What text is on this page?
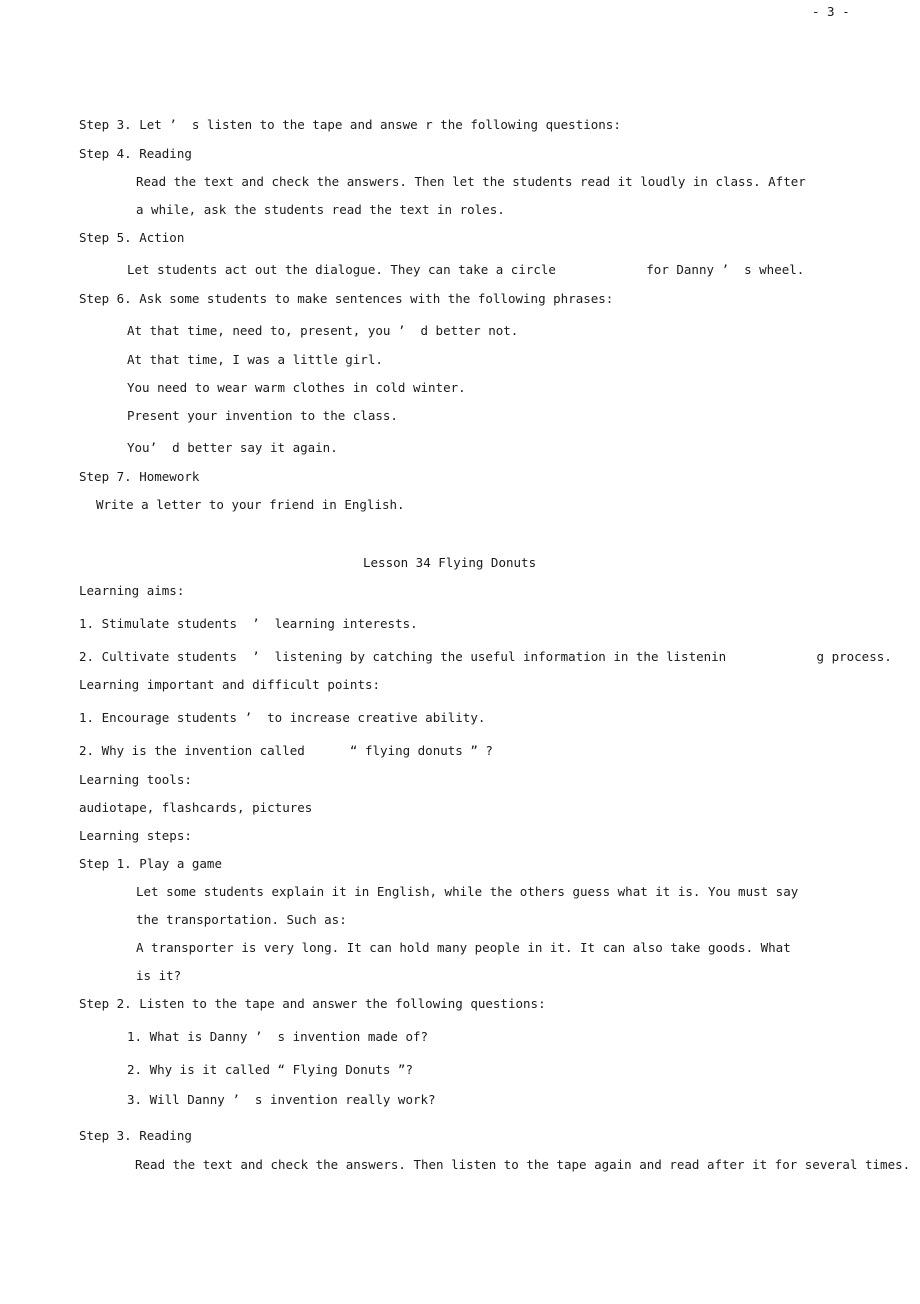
- 3 -
Step 3. Let ’  s listen to the tape and answe r the following questions:
Step 4. Reading
Read the text and check the answers. Then let the students read it loudly in class. After
a while, ask the students read the text in roles.
Step 5. Action
Let students act out the dialogue. They can take a circle            for Danny ’  s wheel.
Step 6. Ask some students to make sentences with the following phrases:
At that time, need to, present, you ’  d better not.
At that time, I was a little girl.
You need to wear warm clothes in cold winter.
Present your invention to the class.
You’  d better say it again.
Step 7. Homework
Write a letter to your friend in English.
Lesson 34 Flying Donuts
Learning aims:
1. Stimulate students  ’  learning interests.
2. Cultivate students  ’  listening by catching the useful information in the listenin            g process.
Learning important and difficult points:
1. Encourage students ’  to increase creative ability.
2. Why is the invention called      “ flying donuts ” ?
Learning tools:
audiotape, flashcards, pictures
Learning steps:
Step 1. Play a game
Let some students explain it in English, while the others guess what it is. You must say
the transportation. Such as:
A transporter is very long. It can hold many people in it. It can also take goods. What
is it?
Step 2. Listen to the tape and answer the following questions:
1. What is Danny ’  s invention made of?
2. Why is it called “ Flying Donuts ”?
3. Will Danny ’  s invention really work?
Step 3. Reading
Read the text and check the answers. Then listen to the tape again and read after it for several times.
